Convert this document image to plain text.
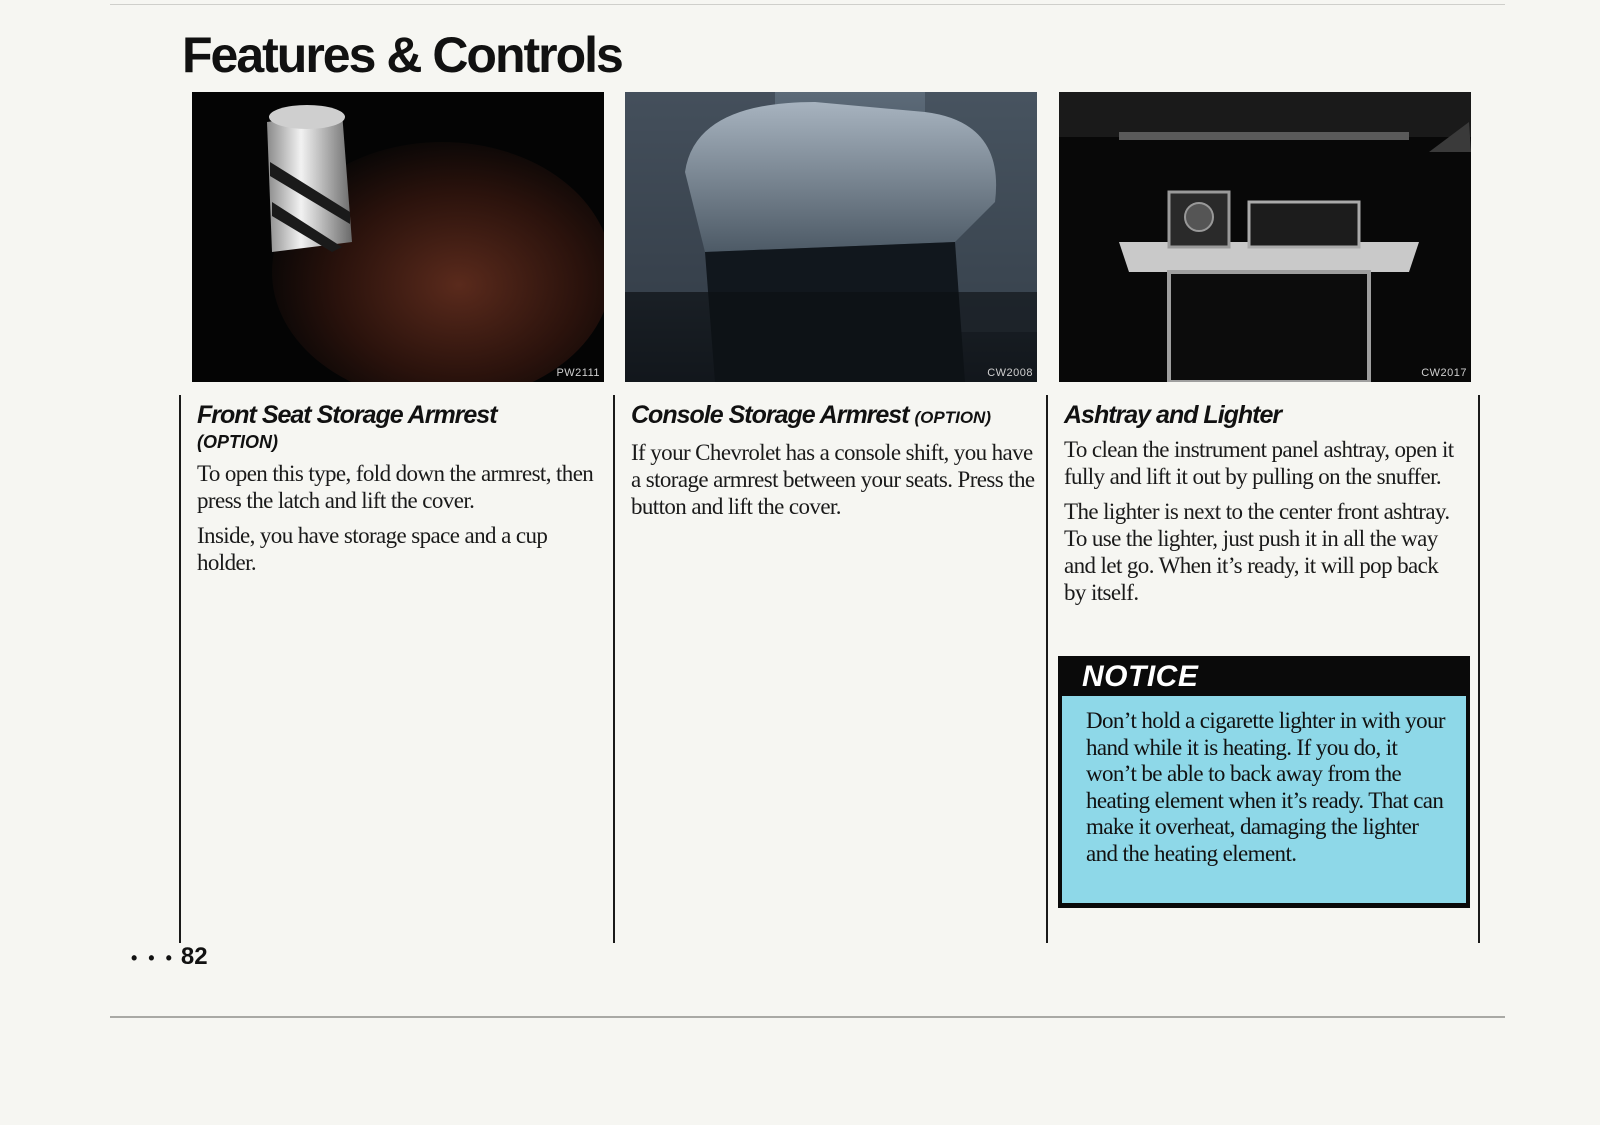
Features & Controls
PW2111	CW2008	CW2017
Front Seat Storage Armrest
(OPTION)

To open this type, fold down the armrest, then press the latch and lift the cover.

Inside, you have storage space and a cup holder.

Console Storage Armrest (OPTION)

If your Chevrolet has a console shift, you have a storage armrest between your seats. Press the button and lift the cover.

Ashtray and Lighter

To clean the instrument panel ashtray, open it fully and lift it out by pulling on the snuffer.

The lighter is next to the center front ashtray. To use the lighter, just push it in all the way and let go. When it’s ready, it will pop back by itself.

NOTICE
Don’t hold a cigarette lighter in with your hand while it is heating. If you do, it won’t be able to back away from the heating element when it’s ready. That can make it overheat, damaging the lighter and the heating element.
• • • 82
